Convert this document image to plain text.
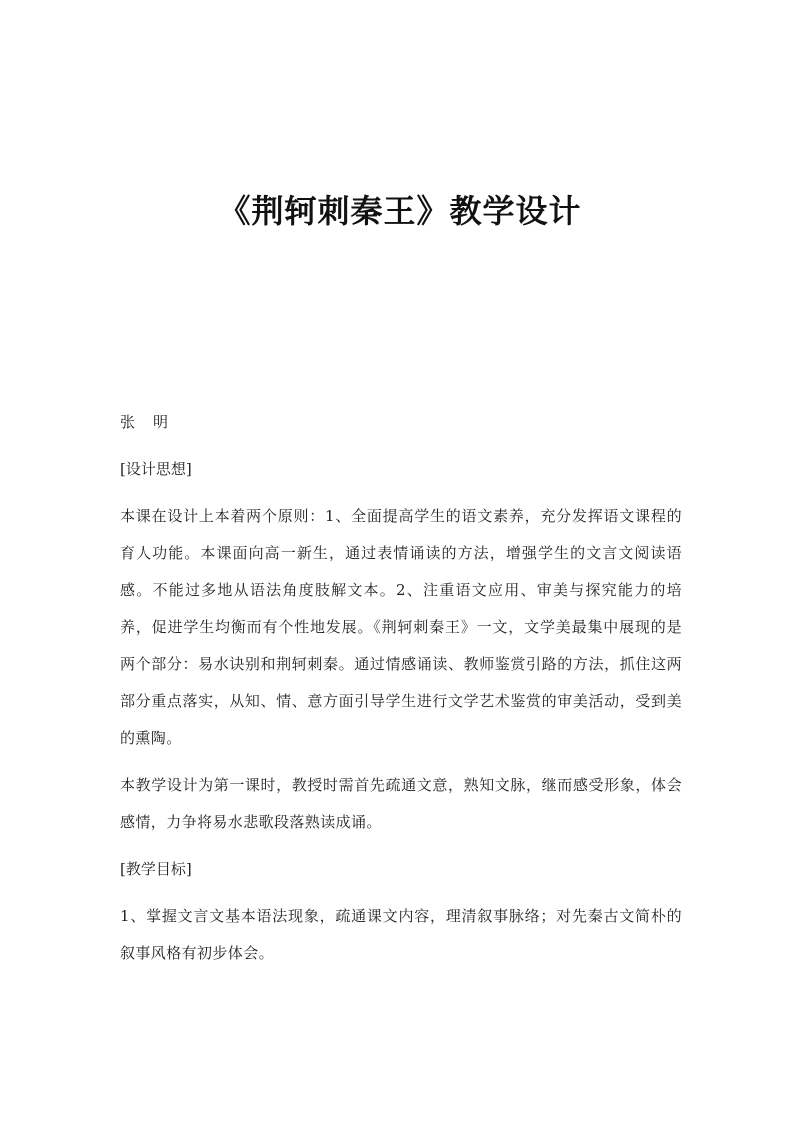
《荆轲刺秦王》教学设计

张明

[设计思想]

本课在设计上本着两个原则：1、全面提高学生的语文素养，充分发挥语文课程的育人功能。本课面向高一新生，通过表情诵读的方法，增强学生的文言文阅读语感。不能过多地从语法角度肢解文本。2、注重语文应用、审美与探究能力的培养，促进学生均衡而有个性地发展。《荆轲刺秦王》一文，文学美最集中展现的是两个部分：易水诀别和荆轲刺秦。通过情感诵读、教师鉴赏引路的方法，抓住这两部分重点落实，从知、情、意方面引导学生进行文学艺术鉴赏的审美活动，受到美的熏陶。

本教学设计为第一课时，教授时需首先疏通文意，熟知文脉，继而感受形象，体会感情，力争将易水悲歌段落熟读成诵。

[教学目标]

1、掌握文言文基本语法现象，疏通课文内容，理清叙事脉络；对先秦古文简朴的叙事风格有初步体会。
